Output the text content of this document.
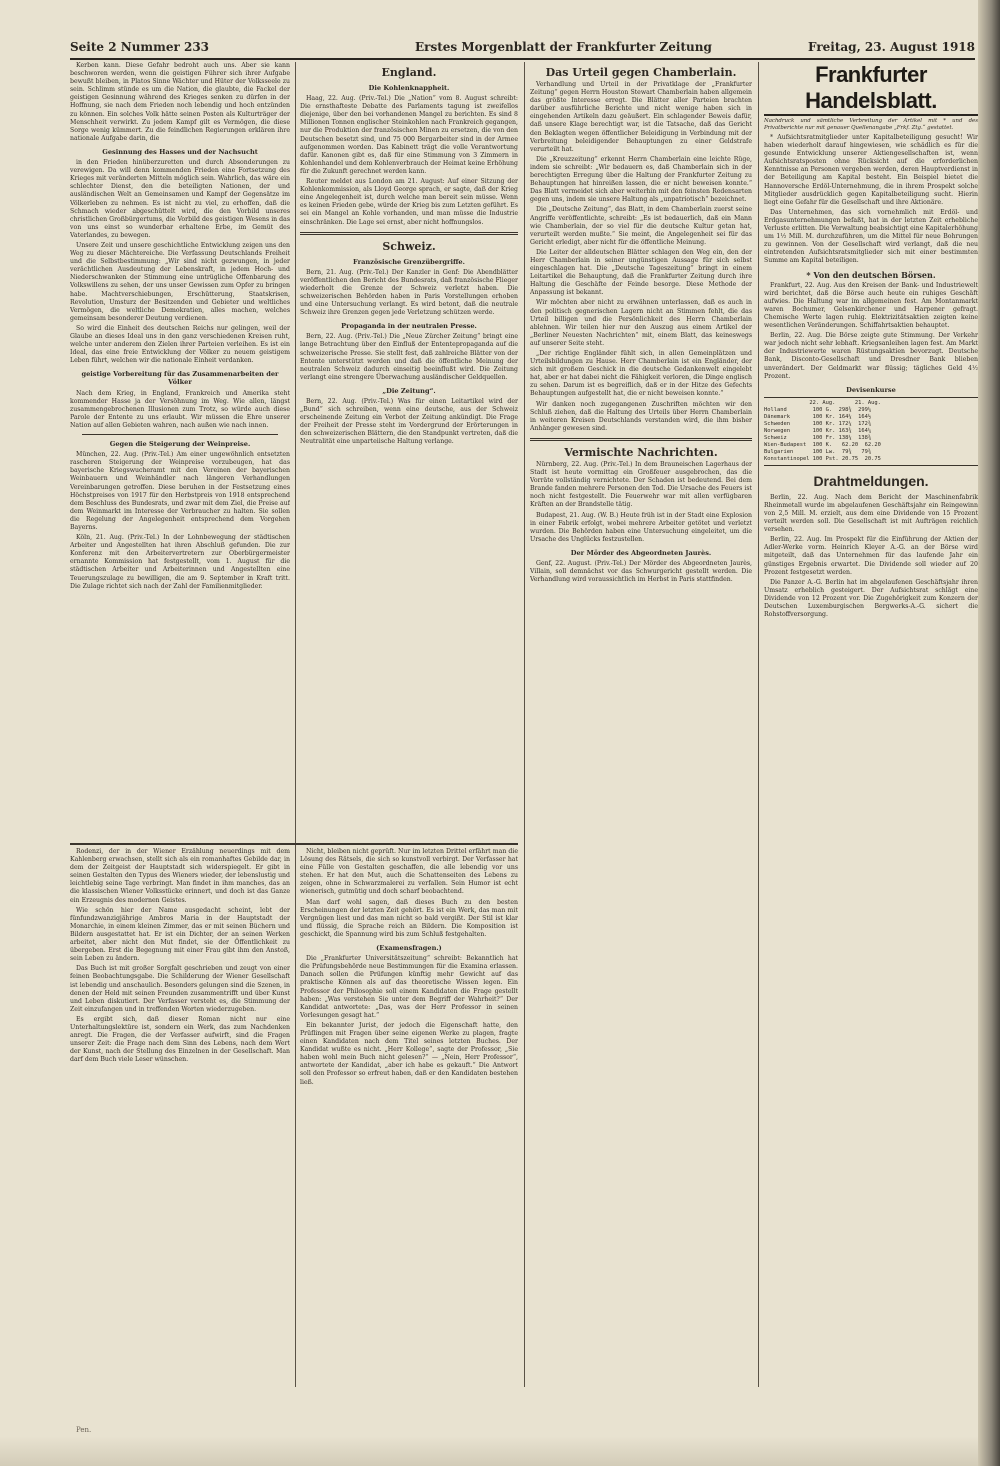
Seite 2 Nummer 233	Erstes Morgenblatt der Frankfurter Zeitung	Freitag, 23. August 1918

Kerben kann. Diese Gefahr bedroht auch uns. Aber sie kann beschworen werden, wenn die geistigen Führer sich ihrer Aufgabe bewußt bleiben, in Platos Sinne Wächter und Hüter der Volksseele zu sein. Schlimm stünde es um die Nation, die glaubte, die Fackel der geistigen Gesinnung während des Krieges senken zu dürfen in der Hoffnung, sie nach dem Frieden noch lebendig und hoch entzünden zu können. Ein solches Volk hätte seinen Posten als Kulturträger der Menschheit verwirkt. Zu jedem Kampf gilt es Vermögen, die diese Sorge wenig kümmert. Zu die feindlichen Regierungen erklären ihre nationale Aufgabe darin, die

Gesinnung des Hasses und der Nachsucht

in den Frieden hinüberzuretten und durch Absonderungen zu verewigen. Da will denn kommenden Frieden eine Fortsetzung des Krieges mit veränderten Mitteln möglich sein. Wahrlich, das wäre ein schlechter Dienst, den die beteiligten Nationen, der und ausländischen Welt an Gemeinsamen und Kampf der Gegensätze im Völkerleben zu nehmen. Es ist nicht zu viel, zu erhoffen, daß die Schmach wieder abgeschüttelt wird, die den Vorbild unseres christlichen Großbürgertums, die Vorbild des geistigen Wesens in das von uns einst so wunderbar erhaltene Erbe, im Gemüt des Vaterlandes, zu bewegen.

Unsere Zeit und unsere geschichtliche Entwicklung zeigen uns den Weg zu dieser Mächtereiche. Die Verfassung Deutschlands Freiheit und die Selbstbestimmung: „Wir sind nicht gezwungen, in jeder verächtlichen Ausdeutung der Lebenskraft, in jedem Hoch- und Niederschwanken der Stimmung eine untrügliche Offenbarung des Volkswillens zu sehen, der uns unser Gewissen zum Opfer zu bringen habe. Machtverschiebungen, Erschütterung, Staatskrisen, Revolution, Umsturz der Besitzenden und Gebieter und weltliches Vermögen, die weltliche Demokratien, alles machen, welches gemeinsam besonderer Deutung verdienen.

So wird die Einheit des deutschen Reichs nur gelingen, weil der Glaube an dieses Ideal uns in den ganz verschiedenen Kreisen ruht, welche unter anderem den Zielen ihrer Parteien verleihen. Es ist ein Ideal, das eine freie Entwicklung der Völker zu neuem geistigem Leben führt, welchen wir die nationale Einheit verdanken.

geistige Vorbereitung für das Zusammenarbeiten der Völker

Nach dem Krieg, in England, Frankreich und Amerika steht kommender Hasse ja der Versöhnung im Weg. Wie allen, längst zusammengebrochenen Illusionen zum Trotz, so würde auch diese Parole der Entente zu uns erlaubt. Wir müssen die Ehre unserer Nation auf allen Gebieten wahren, nach außen wie nach innen.

Gegen die Steigerung der Weinpreise.

München, 22. Aug. (Priv.-Tel.) Am einer ungewöhnlich entsetzten rascheren Steigerung der Weinpreise vorzubeugen, hat das bayerische Kriegswucheramt mit den Vereinen der bayerischen Weinbauern und Weinhändler nach längeren Verhandlungen Vereinbarungen getroffen. Diese beruhen in der Festsetzung eines Höchstpreises von 1917 für den Herbstpreis von 1918 entsprechend dem Beschluss des Bundesrats, und zwar mit dem Ziel, die Preise auf dem Weinmarkt im Interesse der Verbraucher zu halten. Sie sollen die Regelung der Angelegenheit entsprechend dem Vorgehen Bayerns.

Köln, 21. Aug. (Priv.-Tel.) In der Lohnbewegung der städtischen Arbeiter und Angestellten hat ihren Abschluß gefunden. Die zur Konferenz mit den Arbeitervertretern zur Oberbürgermeister ernannte Kommission hat festgestellt, vom 1. August für die städtischen Arbeiter und Arbeiterinnen und Angestellten eine Teuerungszulage zu bewilligen, die am 9. September in Kraft tritt. Die Zulage richtet sich nach der Zahl der Familienmitglieder.

England.
Die Kohlenknappheit.

Haag, 22. Aug. (Priv.-Tel.) Die „Nation“ vom 8. August schreibt: Die ernsthafteste Debatte des Parlaments tagung ist zweifellos diejenige, über den bei vorhandenen Mangel zu berichten. Es sind 8 Millionen Tonnen englischer Steinkohlen nach Frankreich gegangen, nur die Produktion der französischen Minen zu ersetzen, die von den Deutschen besetzt sind, und 75 000 Bergarbeiter sind in der Armee aufgenommen worden. Das Kabinett trägt die volle Verantwortung dafür. Kanonen gibt es, daß für eine Stimmung von 3 Zimmern in Kohlenhandel und dem Kohlenverbrauch der Heimat keine Erhöhung für die Zukunft gerechnet werden kann.

Reuter meldet aus London am 21. August: Auf einer Sitzung der Kohlenkommission, als Lloyd George sprach, er sagte, daß der Krieg eine Angelegenheit ist, durch welche man bereit sein müsse. Wenn es keinen Frieden gebe, würde der Krieg bis zum Letzten geführt. Es sei ein Mangel an Kohle vorhanden, und man müsse die Industrie einschränken. Die Lage sei ernst, aber nicht hoffnungslos.

Schweiz.
Französische Grenzübergriffe.

Bern, 21. Aug. (Priv.-Tel.) Der Kanzler in Genf: Die Abendblätter veröffentlichen den Bericht des Bundesrats, daß französische Flieger wiederholt die Grenze der Schweiz verletzt haben. Die schweizerischen Behörden haben in Paris Vorstellungen erhoben und eine Untersuchung verlangt. Es wird betont, daß die neutrale Schweiz ihre Grenzen gegen jede Verletzung schützen werde.

Propaganda in der neutralen Presse.

Bern, 22. Aug. (Priv.-Tel.) Die „Neue Zürcher Zeitung“ bringt eine lange Betrachtung über den Einfluß der Ententepropaganda auf die schweizerische Presse. Sie stellt fest, daß zahlreiche Blätter von der Entente unterstützt werden und daß die öffentliche Meinung der neutralen Schweiz dadurch einseitig beeinflußt wird. Die Zeitung verlangt eine strengere Überwachung ausländischer Geldquellen.

„Die Zeitung“.

Bern, 22. Aug. (Priv.-Tel.) Was für einen Leitartikel wird der „Bund“ sich schreiben, wenn eine deutsche, aus der Schweiz erscheinende Zeitung ein Verbot der Zeitung ankündigt. Die Frage der Freiheit der Presse steht im Vordergrund der Erörterungen in den schweizerischen Blättern, die den Standpunkt vertreten, daß die Neutralität eine unparteiische Haltung verlange.

Das Urteil gegen Chamberlain.

Verhandlung und Urteil in der Privatklage der „Frankfurter Zeitung“ gegen Herrn Houston Stewart Chamberlain haben allgemein das größte Interesse erregt. Die Blätter aller Parteien brachten darüber ausführliche Berichte und nicht wenige haben sich in eingehenden Artikeln dazu geäußert. Ein schlagender Beweis dafür, daß unsere Klage berechtigt war, ist die Tatsache, daß das Gericht den Beklagten wegen öffentlicher Beleidigung in Verbindung mit der Verbreitung beleidigender Behauptungen zu einer Geldstrafe verurteilt hat.

Die „Kreuzzeitung“ erkennt Herrn Chamberlain eine leichte Rüge, indem sie schreibt: „Wir bedauern es, daß Chamberlain sich in der berechtigten Erregung über die Haltung der Frankfurter Zeitung zu Behauptungen hat hinreißen lassen, die er nicht beweisen konnte.“ Das Blatt vermeidet sich aber weiterhin mit den feinsten Redensarten gegen uns, indem sie unsere Haltung als „unpatriotisch“ bezeichnet.

Die „Deutsche Zeitung“, das Blatt, in dem Chamberlain zuerst seine Angriffe veröffentlichte, schreibt: „Es ist bedauerlich, daß ein Mann wie Chamberlain, der so viel für die deutsche Kultur getan hat, verurteilt werden mußte.“ Sie meint, die Angelegenheit sei für das Gericht erledigt, aber nicht für die öffentliche Meinung.

Die Leiter der alldeutschen Blätter schlagen den Weg ein, den der Herr Chamberlain in seiner ungünstigen Aussage für sich selbst eingeschlagen hat. Die „Deutsche Tageszeitung“ bringt in einem Leitartikel die Behauptung, daß die Frankfurter Zeitung durch ihre Haltung die Geschäfte der Feinde besorge. Diese Methode der Anpassung ist bekannt.

Wir möchten aber nicht zu erwähnen unterlassen, daß es auch in den politisch gegnerischen Lagern nicht an Stimmen fehlt, die das Urteil billigen und die Persönlichkeit des Herrn Chamberlain ablehnen. Wir teilen hier nur den Auszug aus einem Artikel der „Berliner Neuesten Nachrichten“ mit, einem Blatt, das keineswegs auf unserer Seite steht.

„Der richtige Engländer fühlt sich, in allen Gemeinplätzen und Urteilsbildungen zu Hause. Herr Chamberlain ist ein Engländer, der sich mit großem Geschick in die deutsche Gedankenwelt eingelebt hat, aber er hat dabei nicht die Fähigkeit verloren, die Dinge englisch zu sehen. Darum ist es begreiflich, daß er in der Hitze des Gefechts Behauptungen aufgestellt hat, die er nicht beweisen konnte.“

Wir danken noch zugegangenen Zuschriften möchten wir den Schluß ziehen, daß die Haltung des Urteils über Herrn Chamberlain in weiteren Kreisen Deutschlands verstanden wird, die ihm bisher Anhänger gewesen sind.

Vermischte Nachrichten.

Nürnberg, 22. Aug. (Priv.-Tel.) In dem Brauneischen Lagerhaus der Stadt ist heute vormittag ein Großfeuer ausgebrochen, das die Vorräte vollständig vernichtete. Der Schaden ist bedeutend. Bei dem Brande fanden mehrere Personen den Tod. Die Ursache des Feuers ist noch nicht festgestellt. Die Feuerwehr war mit allen verfügbaren Kräften an der Brandstelle tätig.

Budapest, 21. Aug. (W. B.) Heute früh ist in der Stadt eine Explosion in einer Fabrik erfolgt, wobei mehrere Arbeiter getötet und verletzt wurden. Die Behörden haben eine Untersuchung eingeleitet, um die Ursache des Unglücks festzustellen.

Der Mörder des Abgeordneten Jaurès.

Genf, 22. August. (Priv.-Tel.) Der Mörder des Abgeordneten Jaurès, Villain, soll demnächst vor das Schwurgericht gestellt werden. Die Verhandlung wird voraussichtlich im Herbst in Paris stattfinden.

Frankfurter Handelsblatt.

Nachdruck und sämtliche Verbreitung der Artikel mit * und des Privatberichte nur mit genauer Quellenangabe „Frkf. Ztg.“ gestattet.

* Aufsichtsratmitglieder unter Kapitalbeteiligung gesucht! Wir haben wiederholt darauf hingewiesen, wie schädlich es für die gesunde Entwicklung unserer Aktiengesellschaften ist, wenn Aufsichtsratsposten ohne Rücksicht auf die erforderlichen Kenntnisse an Personen vergeben werden, deren Hauptverdienst in der Beteiligung am Kapital besteht. Ein Beispiel bietet die Hannoversche Erdöl-Unternehmung, die in ihrem Prospekt solche Mitglieder ausdrücklich gegen Kapitalbeteiligung sucht. Hierin liegt eine Gefahr für die Gesellschaft und ihre Aktionäre.

Das Unternehmen, das sich vornehmlich mit Erdöl- und Erdgasunternehmungen befaßt, hat in der letzten Zeit erhebliche Verluste erlitten. Die Verwaltung beabsichtigt eine Kapitalerhöhung um 1½ Mill. M. durchzuführen, um die Mittel für neue Bohrungen zu gewinnen. Von der Gesellschaft wird verlangt, daß die neu eintretenden Aufsichtsratsmitglieder sich mit einer bestimmten Summe am Kapital beteiligen.

* Von den deutschen Börsen.

Frankfurt, 22. Aug. Aus den Kreisen der Bank- und Industriewelt wird berichtet, daß die Börse auch heute ein ruhiges Geschäft aufwies. Die Haltung war im allgemeinen fest. Am Montanmarkt waren Bochumer, Gelsenkirchener und Harpener gefragt. Chemische Werte lagen ruhig. Elektrizitätsaktien zeigten keine wesentlichen Veränderungen. Schiffahrtsaktien behauptet.

Berlin, 22. Aug. Die Börse zeigte gute Stimmung. Der Verkehr war jedoch nicht sehr lebhaft. Kriegsanleihen lagen fest. Am Markt der Industriewerte waren Rüstungsaktien bevorzugt. Deutsche Bank, Disconto-Gesellschaft und Dresdner Bank blieben unverändert. Der Geldmarkt war flüssig; tägliches Geld 4½ Prozent.

Devisenkurse
22. Aug.      21. Aug.
Holland        100 G.  298¾  299¼
Dänemark       100 Kr. 164¼  164½
Schweden       100 Kr. 172¼  172¾
Norwegen       100 Kr. 163¾  164¼
Schweiz        100 Fr. 138¼  138¾
Wien-Budapest  100 K.   62.20  62.20
Bulgarien      100 Lw.  79¾   79¾
Konstantinopel 100 Pst. 20.75  20.75
Drahtmeldungen.

Berlin, 22. Aug. Nach dem Bericht der Maschinenfabrik Rheinmetall wurde im abgelaufenen Geschäftsjahr ein Reingewinn von 2,5 Mill. M. erzielt, aus dem eine Dividende von 15 Prozent verteilt werden soll. Die Gesellschaft ist mit Aufträgen reichlich versehen.

Berlin, 22. Aug. Im Prospekt für die Einführung der Aktien der Adler-Werke vorm. Heinrich Kleyer A.-G. an der Börse wird mitgeteilt, daß das Unternehmen für das laufende Jahr ein günstiges Ergebnis erwartet. Die Dividende soll wieder auf 20 Prozent festgesetzt werden.

Die Panzer A.-G. Berlin hat im abgelaufenen Geschäftsjahr ihren Umsatz erheblich gesteigert. Der Aufsichtsrat schlägt eine Dividende von 12 Prozent vor. Die Zugehörigkeit zum Konzern der Deutschen Luxemburgischen Bergwerks-A.-G. sichert die Rohstoffversorgung.

Rodenzi, der in der Wiener Erzählung neuerdings mit dem Kahlenberg erwachsen, stellt sich als ein romanhaftes Gebilde dar, in dem der Zeitgeist der Hauptstadt sich widerspiegelt. Er gibt in seinen Gestalten den Typus des Wieners wieder, der lebenslustig und leichtlebig seine Tage verbringt. Man findet in ihm manches, das an die klassischen Wiener Volksstücke erinnert, und doch ist das Ganze ein Erzeugnis des modernen Geistes.

Wie schön hier der Name ausgedacht scheint, lebt der fünfundzwanzigjährige Ambros Maria in der Hauptstadt der Monarchie, in einem kleinen Zimmer, das er mit seinen Büchern und Bildern ausgestattet hat. Er ist ein Dichter, der an seinen Werken arbeitet, aber nicht den Mut findet, sie der Öffentlichkeit zu übergeben. Erst die Begegnung mit einer Frau gibt ihm den Anstoß, sein Leben zu ändern.

Das Buch ist mit großer Sorgfalt geschrieben und zeugt von einer feinen Beobachtungsgabe. Die Schilderung der Wiener Gesellschaft ist lebendig und anschaulich. Besonders gelungen sind die Szenen, in denen der Held mit seinen Freunden zusammentrifft und über Kunst und Leben diskutiert. Der Verfasser versteht es, die Stimmung der Zeit einzufangen und in treffenden Worten wiederzugeben.

Es ergibt sich, daß dieser Roman nicht nur eine Unterhaltungslektüre ist, sondern ein Werk, das zum Nachdenken anregt. Die Fragen, die der Verfasser aufwirft, sind die Fragen unserer Zeit: die Frage nach dem Sinn des Lebens, nach dem Wert der Kunst, nach der Stellung des Einzelnen in der Gesellschaft. Man darf dem Buch viele Leser wünschen.

Nicht, bleiben nicht geprüft. Nur im letzten Drittel erfährt man die Lösung des Rätsels, die sich so kunstvoll verbirgt. Der Verfasser hat eine Fülle von Gestalten geschaffen, die alle lebendig vor uns stehen. Er hat den Mut, auch die Schattenseiten des Lebens zu zeigen, ohne in Schwarzmalerei zu verfallen. Sein Humor ist echt wienerisch, gutmütig und doch scharf beobachtend.

Man darf wohl sagen, daß dieses Buch zu den besten Erscheinungen der letzten Zeit gehört. Es ist ein Werk, das man mit Vergnügen liest und das man nicht so bald vergißt. Der Stil ist klar und flüssig, die Sprache reich an Bildern. Die Komposition ist geschickt, die Spannung wird bis zum Schluß festgehalten.

(Examensfragen.)

Die „Frankfurter Universitätszeitung“ schreibt: Bekanntlich hat die Prüfungsbehörde neue Bestimmungen für die Examina erlassen. Danach sollen die Prüfungen künftig mehr Gewicht auf das praktische Können als auf das theoretische Wissen legen. Ein Professor der Philosophie soll einem Kandidaten die Frage gestellt haben: „Was verstehen Sie unter dem Begriff der Wahrheit?“ Der Kandidat antwortete: „Das, was der Herr Professor in seinen Vorlesungen gesagt hat.“

Ein bekannter Jurist, der jedoch die Eigenschaft hatte, den Prüflingen mit Fragen über seine eigenen Werke zu plagen, fragte einen Kandidaten nach dem Titel seines letzten Buches. Der Kandidat wußte es nicht. „Herr Kollege“, sagte der Professor, „Sie haben wohl mein Buch nicht gelesen?“ — „Nein, Herr Professor“, antwortete der Kandidat, „aber ich habe es gekauft.“ Die Antwort soll den Professor so erfreut haben, daß er den Kandidaten bestehen ließ.

Pen.
